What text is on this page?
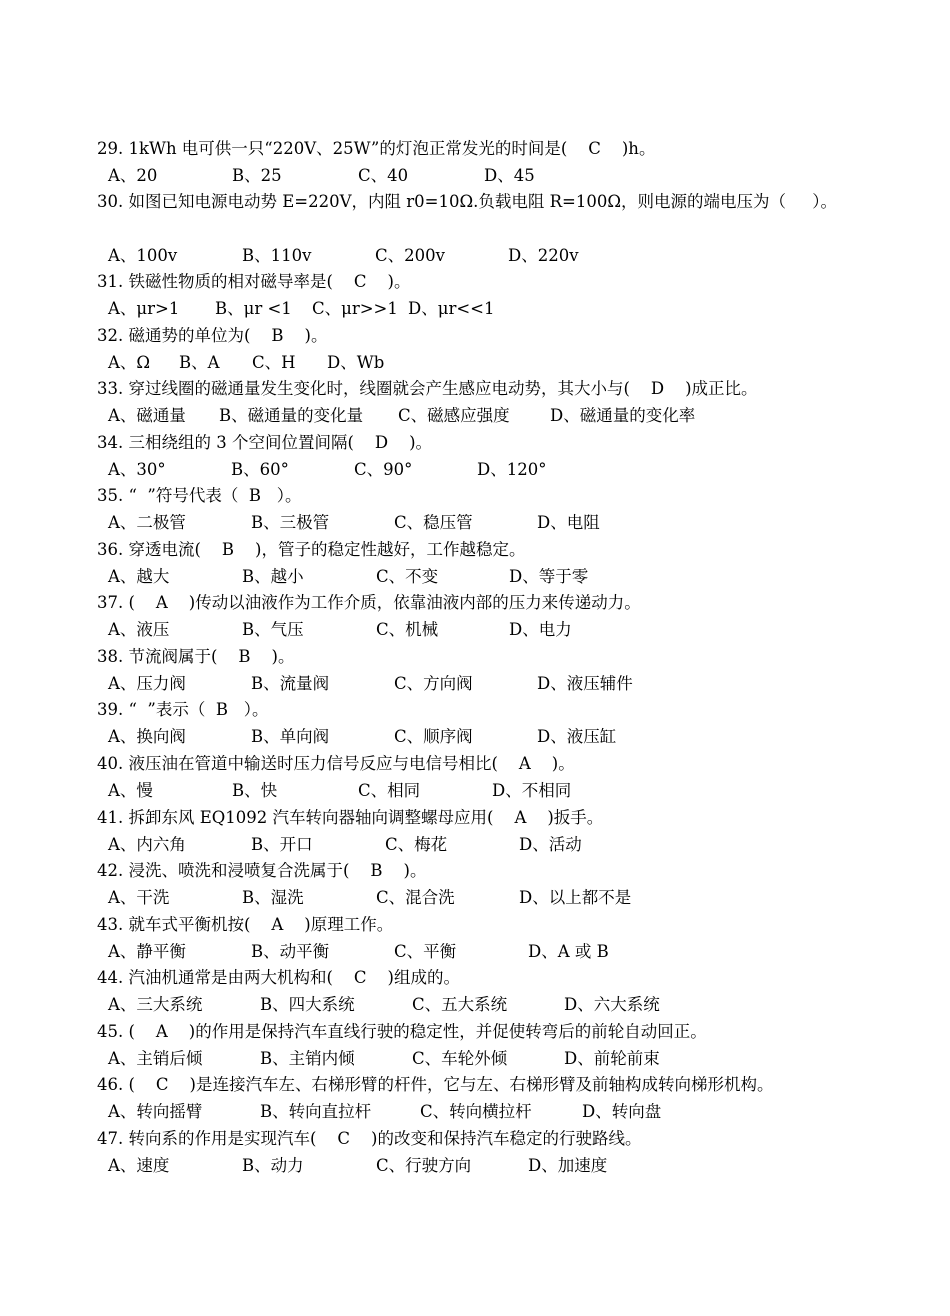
29. 1kWh 电可供一只“220V、25W”的灯泡正常发光的时间是(    C    )h。
A、20	B、25	C、40	D、45
30. 如图已知电源电动势 E=220V，内阻 r0=10Ω.负载电阻 R=100Ω，则电源的端电压为（     ）。
A、100v	B、110v	C、200v	D、220v
31. 铁磁性物质的相对磁导率是(    C    )。
A、μr>1 B、μr <1 C、μr>>1 D、μr<<1
32. 磁通势的单位为(    B    )。
A、Ω B、A C、H D、Wb
33. 穿过线圈的磁通量发生变化时，线圈就会产生感应电动势，其大小与(    D    )成正比。
A、磁通量 B、磁通量的变化量 C、磁感应强度 D、磁通量的变化率
34. 三相绕组的 3 个空间位置间隔(    D    )。
A、30°	B、60°	C、90°	D、120°
35. “  ”符号代表（  B   ）。
A、二极管	B、三极管	C、稳压管	D、电阻
36. 穿透电流(    B    )，管子的稳定性越好，工作越稳定。
A、越大	B、越小	C、不变	D、等于零
37. (    A    )传动以油液作为工作介质，依靠油液内部的压力来传递动力。
A、液压	B、气压	C、机械	D、电力
38. 节流阀属于(    B    )。
A、压力阀	B、流量阀	C、方向阀	D、液压辅件
39. “  ”表示（  B   ）。
A、换向阀	B、单向阀	C、顺序阀	D、液压缸
40. 液压油在管道中输送时压力信号反应与电信号相比(    A    )。
A、慢	B、快	C、相同	D、不相同
41. 拆卸东风 EQ1092 汽车转向器轴向调整螺母应用(    A    )扳手。
A、内六角	B、开口	C、梅花	D、活动
42. 浸洗、喷洗和浸喷复合洗属于(    B    )。
A、干洗	B、湿洗	C、混合洗	D、以上都不是
43. 就车式平衡机按(    A    )原理工作。
A、静平衡	B、动平衡	C、平衡	D、A 或 B
44. 汽油机通常是由两大机构和(    C    )组成的。
A、三大系统	B、四大系统	C、五大系统	D、六大系统
45. (    A    )的作用是保持汽车直线行驶的稳定性，并促使转弯后的前轮自动回正。
A、主销后倾	B、主销内倾	C、车轮外倾	D、前轮前束
46. (    C    )是连接汽车左、右梯形臂的杆件，它与左、右梯形臂及前轴构成转向梯形机构。
A、转向摇臂	B、转向直拉杆	C、转向横拉杆	D、转向盘
47. 转向系的作用是实现汽车(    C    )的改变和保持汽车稳定的行驶路线。
A、速度	B、动力	C、行驶方向	D、加速度
